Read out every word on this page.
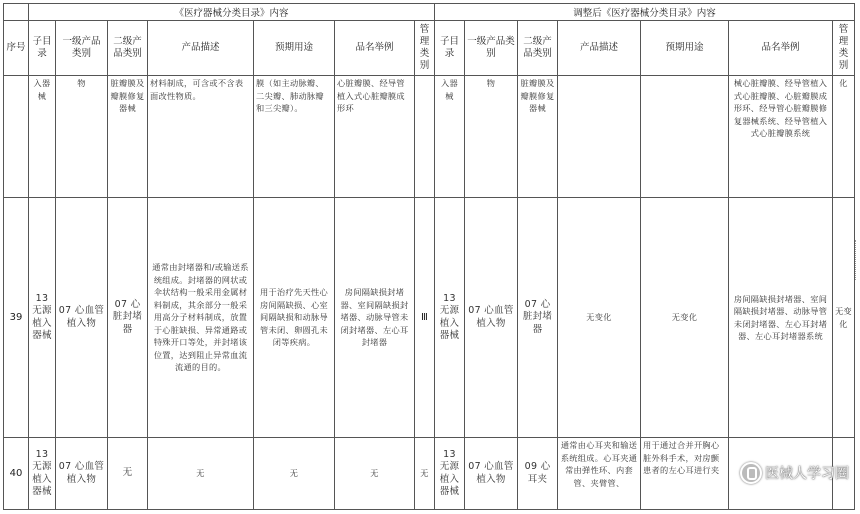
	《医疗器械分类目录》内容							调整后《医疗器械分类目录》内容						
序号	子目录	一级产品类别	二级产品类别	产品描述	预期用途	品名举例	管理类别	子目录	一级产品类别	二级产品类别	产品描述	预期用途	品名举例	管理类别
	入器械	物	脏瓣膜及瓣膜修复器械	材料制成，可含或不含表面改性物质。	膜（如主动脉瓣、二尖瓣、肺动脉瓣和三尖瓣）。	心脏瓣膜、经导管植入式心脏瓣膜成形环		入器械	物	脏瓣膜及瓣膜修复器械			械心脏瓣膜、经导管植入式心脏瓣膜、心脏瓣膜成形环、经导管心脏瓣膜修复器械系统、经导管植入式心脏瓣膜系统	化
39	13 无源植入器械	07 心血管植入物	07 心脏封堵器	通常由封堵器和/或输送系统组成。封堵器的网状或伞状结构一般采用金属材料制成，其余部分一般采用高分子材料制成，放置于心脏缺损、异常通路或特殊开口等处，并封堵该位置，达到阻止异常血流流通的目的。	用于治疗先天性心房间隔缺损、心室间隔缺损和动脉导管未闭、卵圆孔未闭等疾病。	房间隔缺损封堵器、室间隔缺损封堵器、动脉导管未闭封堵器、左心耳封堵器	Ⅲ	13 无源植入器械	07 心血管植入物	07 心脏封堵器	无变化	无变化	房间隔缺损封堵器、室间隔缺损封堵器、动脉导管未闭封堵器、左心耳封堵器、左心耳封堵器系统	无变化
40	13 无源植入器械	07 心血管植入物	无	无	无	无	无	13 无源植入器械	07 心血管植入物	09 心耳夹	通常由心耳夹和输送系统组成。心耳夹通常由弹性环、内套管、夹臂管、	用于通过合并开胸心脏外科手术，对房颤患者的左心耳进行夹			医械人学习圈
